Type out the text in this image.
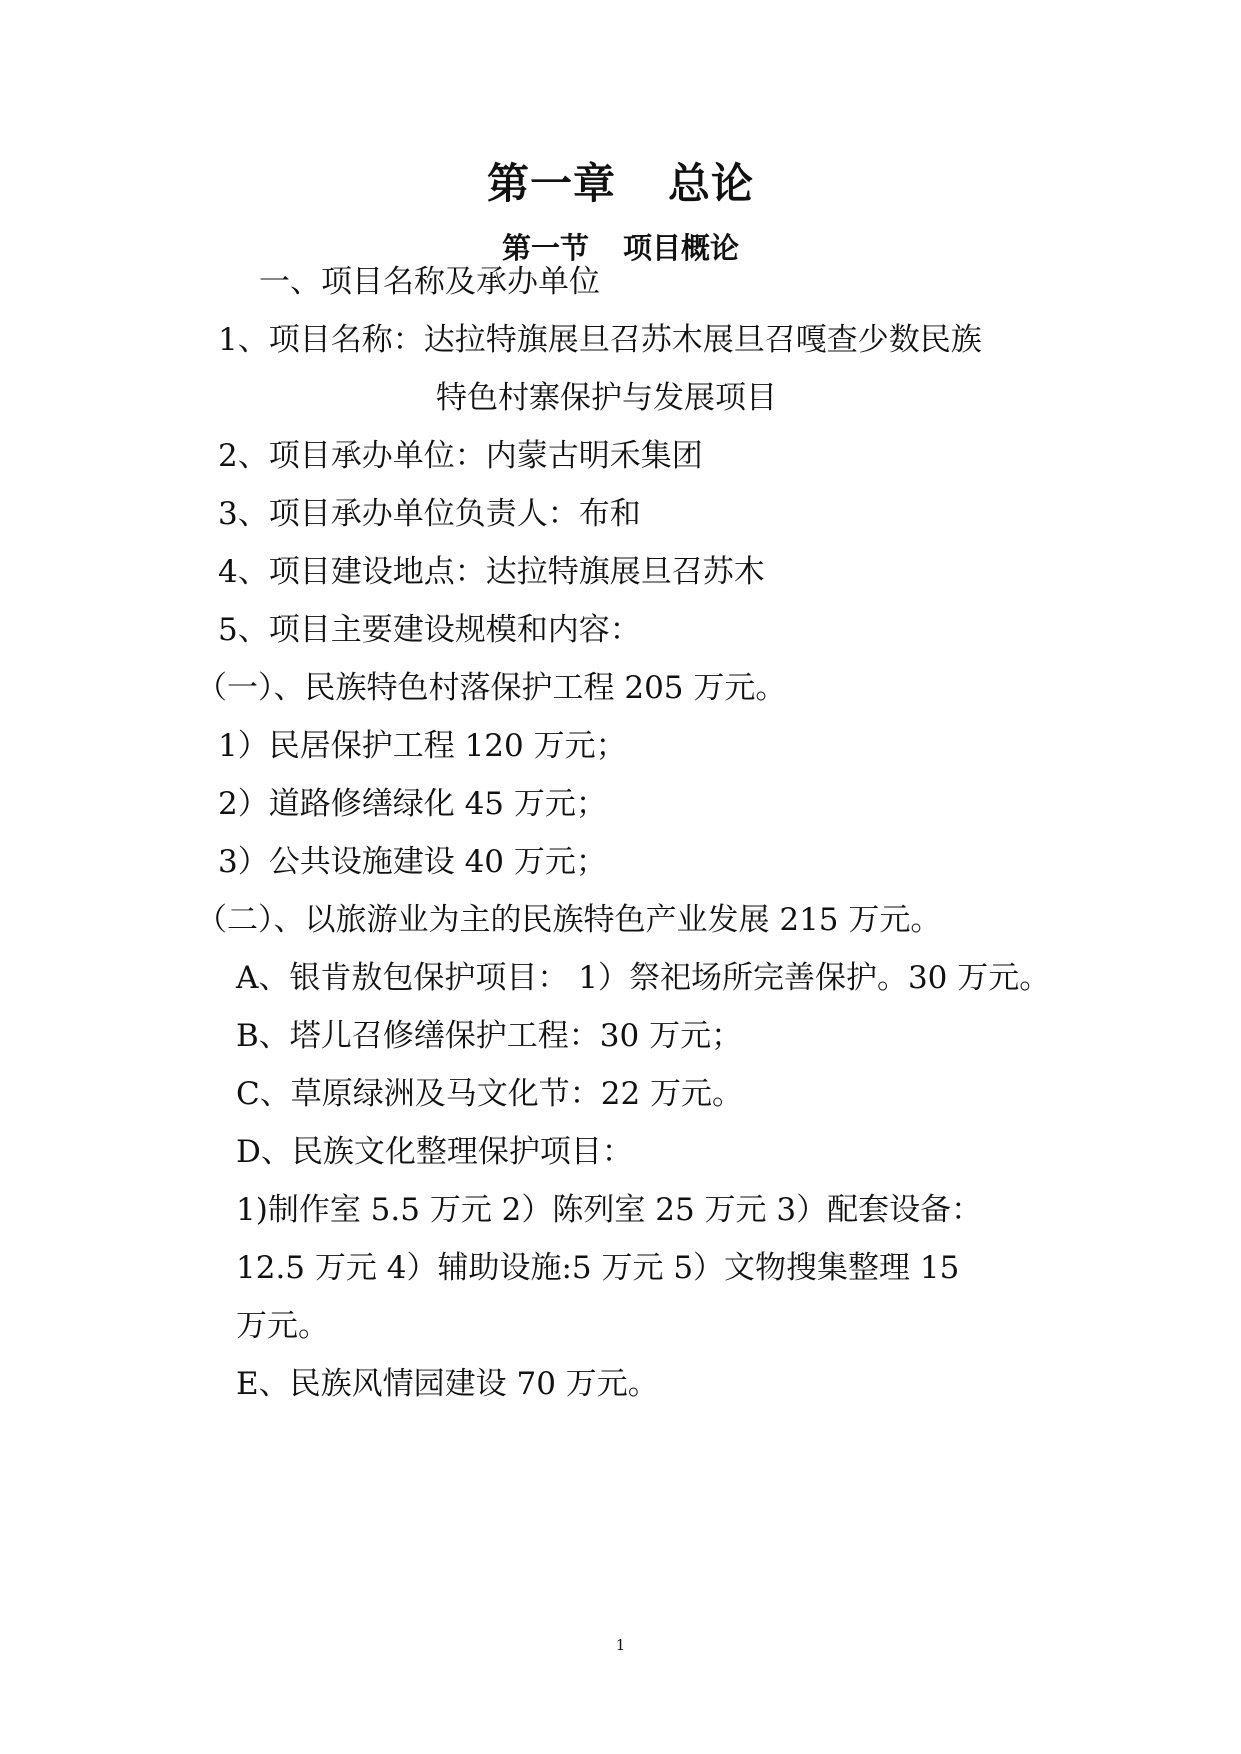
第一章 总论
第一节 项目概论
一、项目名称及承办单位
1、项目名称：达拉特旗展旦召苏木展旦召嘎查少数民族
特色村寨保护与发展项目
2、项目承办单位：内蒙古明禾集团
3、项目承办单位负责人：布和
4、项目建设地点：达拉特旗展旦召苏木
5、项目主要建设规模和内容：
（一）、民族特色村落保护工程 205 万元。
1）民居保护工程 120 万元；
2）道路修缮绿化 45 万元；
3）公共设施建设 40 万元；
（二）、以旅游业为主的民族特色产业发展 215 万元。
A、银肯敖包保护项目： 1）祭祀场所完善保护。30 万元。
B、塔儿召修缮保护工程：30 万元；
C、草原绿洲及马文化节：22 万元。
D、民族文化整理保护项目：
1)制作室 5.5 万元 2）陈列室 25 万元 3）配套设备：
12.5 万元 4）辅助设施:5 万元 5）文物搜集整理 15
万元。
E、民族风情园建设 70 万元。
1
